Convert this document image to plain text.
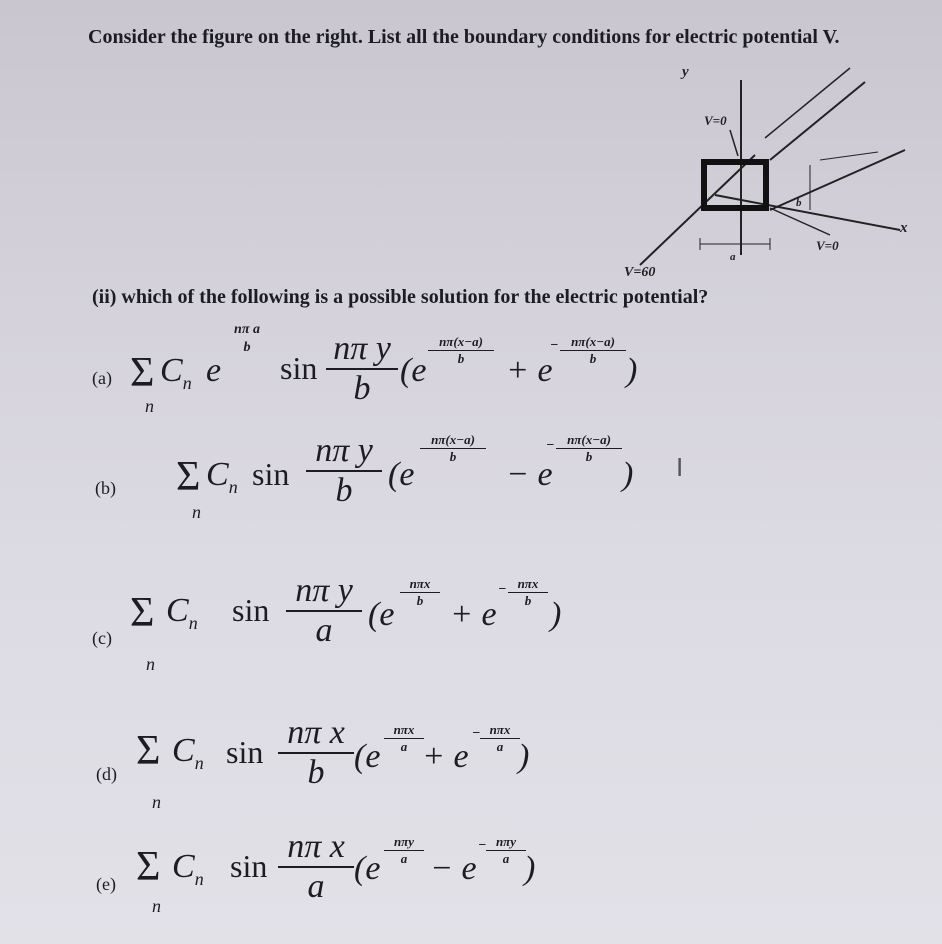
Consider the figure on the right. List all the boundary conditions for electric potential V.
y
x
V=0
V=0
V=60
a
b
(ii) which of the following is a possible solution for the electric potential?
(a) Σ
n
$C_n$ e
nπ a
b
$\sin \frac{\text{nπ y}}{b} (e$
$\frac{n\pi(x-a)}{b}$
+ e
− $\frac{n\pi(x-a)}{b}$
)
(b) Σ
n
$C_n$ $\sin \frac{\text{nπ y}}{b} (e$
$\frac{n\pi(x-a)}{b}$
− e
− $\frac{n\pi(x-a)}{b}$
) I
(c)
Σ
n
$C_n$ $\sin \frac{\text{nπ y}}{a} (e$
nπx
b + e
− nπx
b )
(d) Σ
n
$C_n$ $\sin \frac{\text{nπ x}}{b} (e$
nπx
a + e
− nπx
a )
(e) Σ
n
$C_n$ $\sin \frac{\text{nπ x}}{a} (e$
nπy
a − e
− nπy
a )
